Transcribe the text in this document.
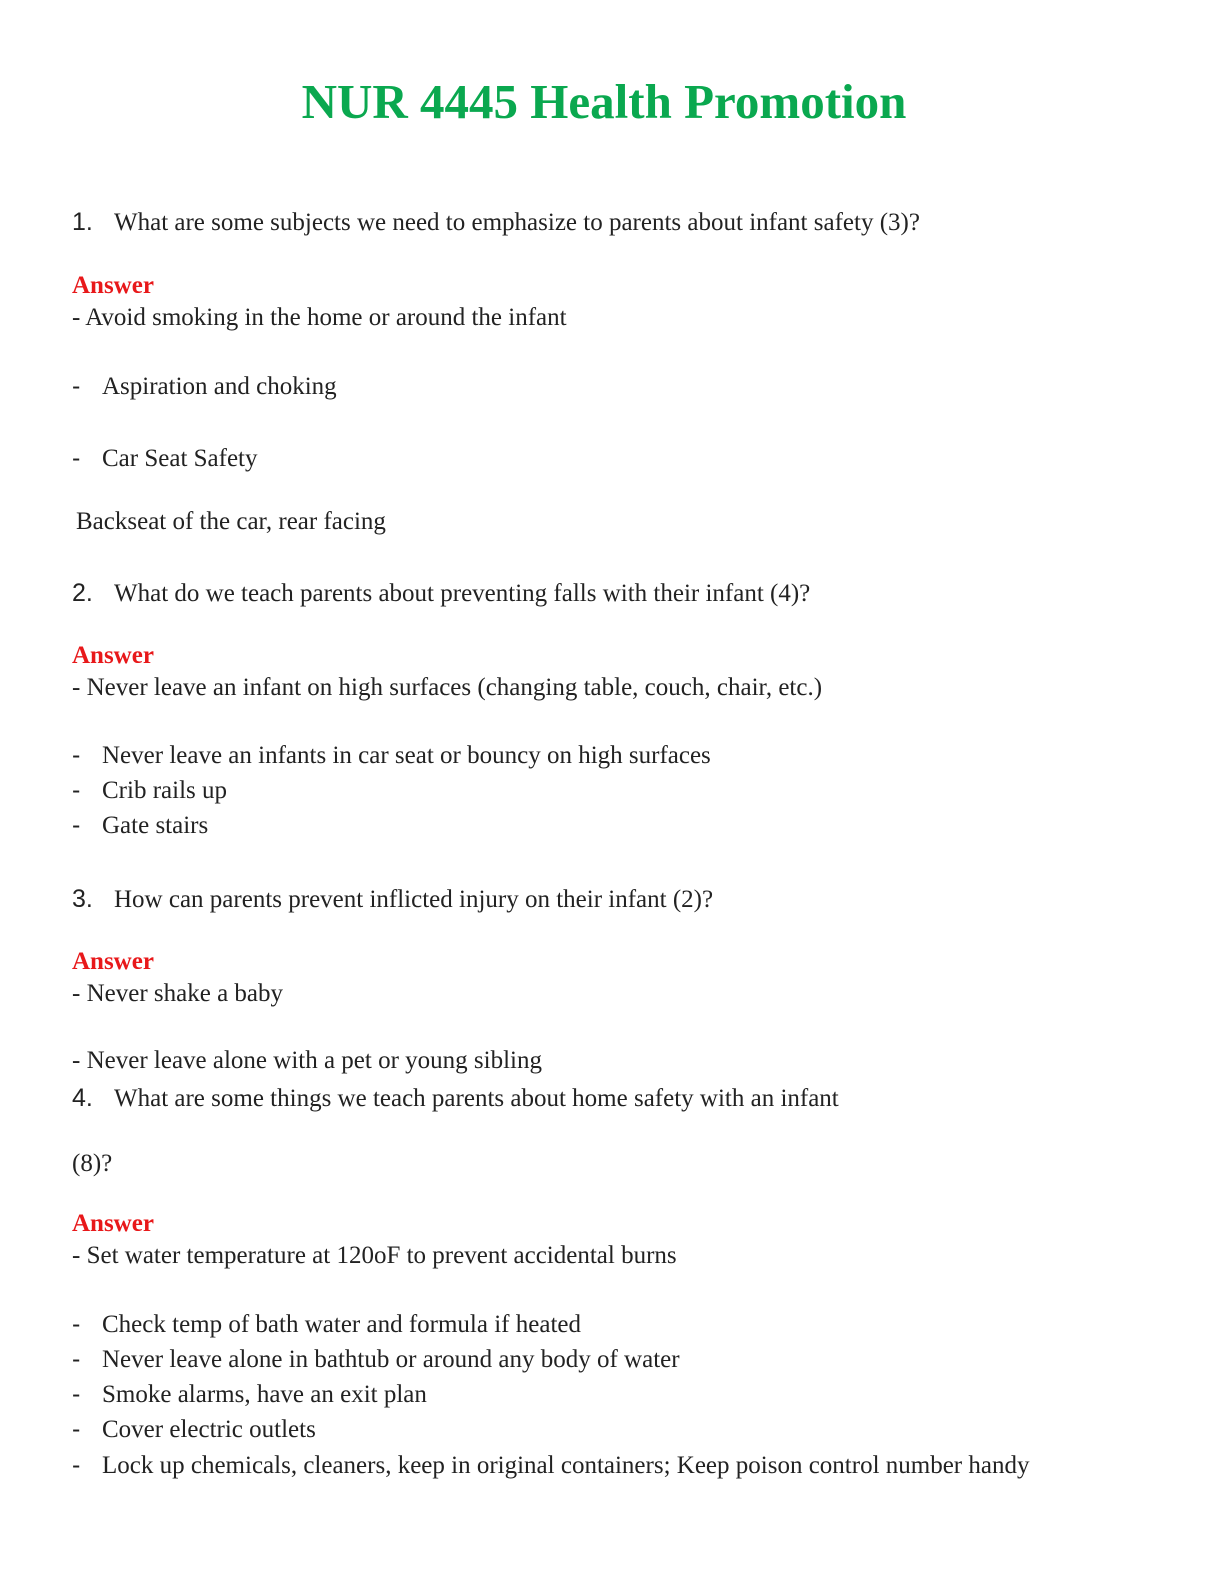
NUR 4445 Health Promotion
1. What are some subjects we need to emphasize to parents about infant safety (3)?
Answer
- Avoid smoking in the home or around the infant
- Aspiration and choking
- Car Seat Safety
Backseat of the car, rear facing
2. What do we teach parents about preventing falls with their infant (4)?
Answer
- Never leave an infant on high surfaces (changing table, couch, chair, etc.)
- Never leave an infants in car seat or bouncy on high surfaces
- Crib rails up
- Gate stairs
3. How can parents prevent inflicted injury on their infant (2)?
Answer
- Never shake a baby
- Never leave alone with a pet or young sibling
4. What are some things we teach parents about home safety with an infant
(8)?
Answer
- Set water temperature at 120oF to prevent accidental burns
- Check temp of bath water and formula if heated
- Never leave alone in bathtub or around any body of water
- Smoke alarms, have an exit plan
- Cover electric outlets
- Lock up chemicals, cleaners, keep in original containers; Keep poison control number handy
